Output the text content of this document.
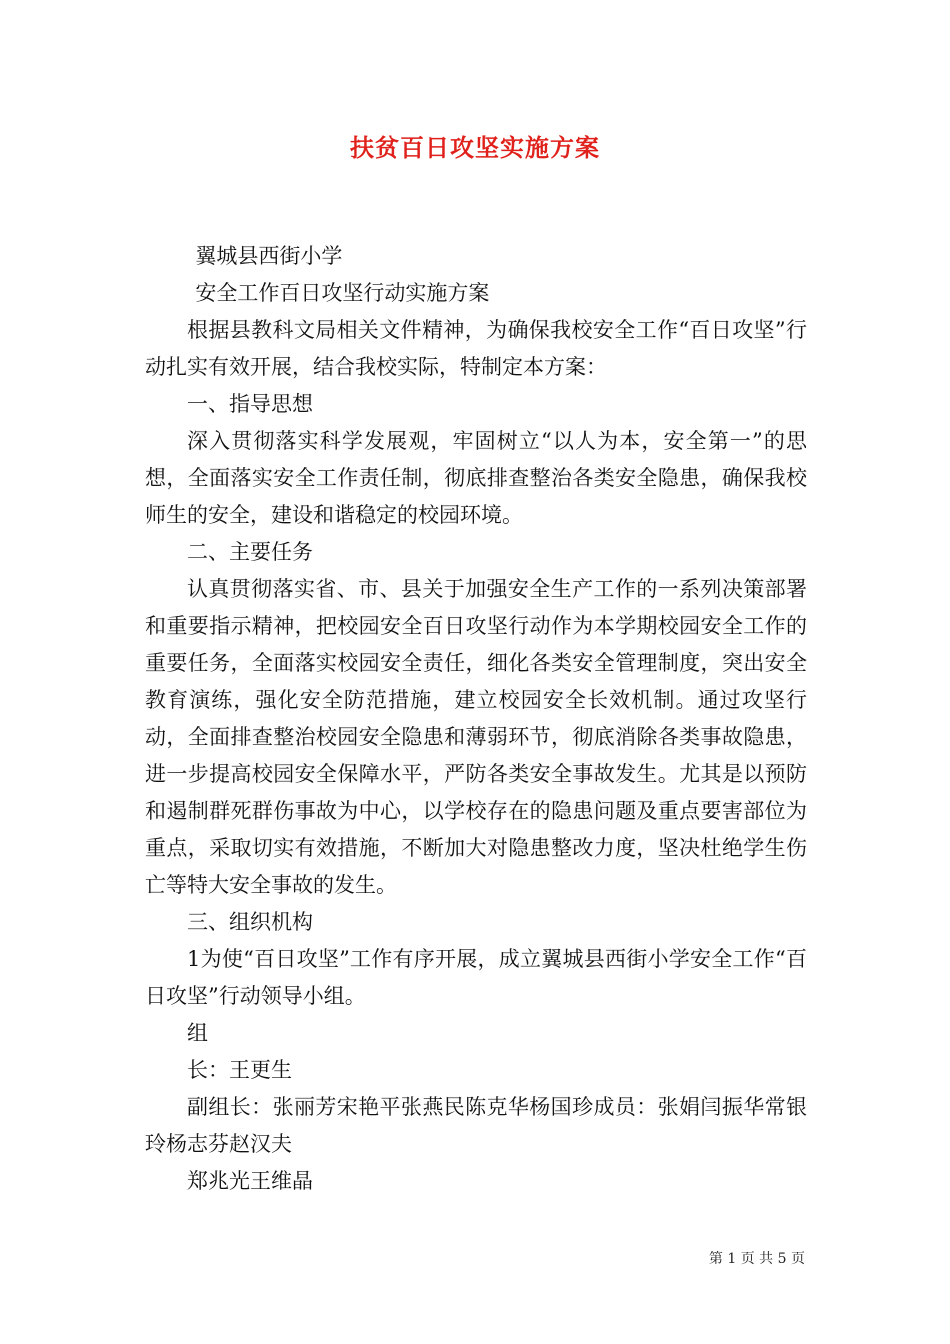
扶贫百日攻坚实施方案

翼城县西街小学

安全工作百日攻坚行动实施方案

根据县教科文局相关文件精神，为确保我校安全工作“百日攻坚”行动扎实有效开展，结合我校实际，特制定本方案：

一、指导思想

深入贯彻落实科学发展观，牢固树立“以人为本，安全第一”的思想，全面落实安全工作责任制，彻底排查整治各类安全隐患，确保我校师生的安全，建设和谐稳定的校园环境。

二、主要任务

认真贯彻落实省、市、县关于加强安全生产工作的一系列决策部署和重要指示精神，把校园安全百日攻坚行动作为本学期校园安全工作的重要任务，全面落实校园安全责任，细化各类安全管理制度，突出安全教育演练，强化安全防范措施，建立校园安全长效机制。通过攻坚行动，全面排查整治校园安全隐患和薄弱环节，彻底消除各类事故隐患，进一步提高校园安全保障水平，严防各类安全事故发生。尤其是以预防和遏制群死群伤事故为中心，以学校存在的隐患问题及重点要害部位为重点，采取切实有效措施，不断加大对隐患整改力度，坚决杜绝学生伤亡等特大安全事故的发生。

三、组织机构

1为使“百日攻坚”工作有序开展，成立翼城县西街小学安全工作“百日攻坚”行动领导小组。

组

长：王更生

副组长：张丽芳宋艳平张燕民陈克华杨国珍成员：张娟闫振华常银玲杨志芬赵汉夫

郑兆光王维晶

第 1 页 共 5 页
